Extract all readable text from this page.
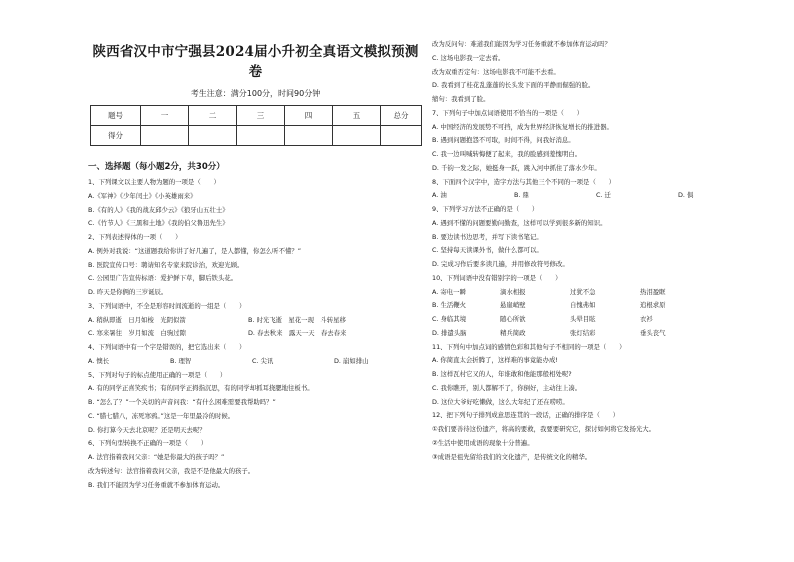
陕西省汉中市宁强县2024届小升初全真语文模拟预测卷
考生注意：满分100分，时间90分钟
题号	一	二	三	四	五	总分
得分						
一、选择题（每小题2分，共30分）
1、下列课文以主要人物为题的一项是（　　）
A.《军神》《少年闰土》《小英雄雨来》
B.《有的人》《我的战友邱少云》《狼牙山五壮士》
C.《竹节人》《三黑和土地》《我的伯父鲁迅先生》
2、下列表述得体的一项（　　）
A. 例外对我说：“这道题我给你讲了好几遍了，是人都懂，你怎么听不懂？”
B. 医院宣传口号：聘请知名专家来院诊治，欢迎光顾。
C. 公园里广告宣传标语：爱护鲜下草，脚后铁头花。
D. 昨天是你俩的三岁诞辰。
3、下列词语中，不全是形容时间流逝的一组是（　　）
A. 稍纵即逝　日月如梭　光阴似箭	B. 时光飞逝　星花一现　斗转星移
C. 寒来暑往　岁月如流　白驹过隙	D. 春去秋来　露天一天　春去春来
4、下列词语中有一个字是错误的，把它选出来（　　）
A. 懊长	B. 理智	C. 尖讯	D. 崩如排山
5、下列对句子的标点使用正确的一项是（　　）
A. 有的同学正喜笑疾书；有的同学正拇指沉思，有的同学却抓耳挠腮地往板书。
B. “怎么了？”一个关切的声音问我：“有什么困难需要我帮助吗？”
C. “腊七腊八，冻死寒鸦。”这是一年里最冷的时候。
D. 你打算今天去北京呢？还是明天去呢？
6、下列句型转换不正确的一项是（　　）
A. 法官指着我问父亲：“她是你最大的孩子吗？”
改为转述句：法官指着我问父亲，我是不是他最大的孩子。
B. 我们不能因为学习任务重就不参加体育运动。
改为反问句：难道我们能因为学习任务重就不参加体育运动吗？
C. 这场电影我一定去看。
改为双重否定句：这场电影我不可能不去看。
D. 我看到了桂花乱蓬蓬的长头发下面的平静而倔强的脸。
缩句：我看到了脸。
7、下列句子中加点词语使用不恰当的一项是（　　）
A. 中国经济的发展势不可挡，成为世界经济恢复增长的推进器。
B. 遇到问题抱怨不可取，时间不得，问我好消息。
C. 我一边叫喊转悔便了起来，我的脸感到羞愧明白。
D. 千钧一发之际，她挺身一跃，跳入河中抓住了落水少年。
8、下面四个汉字中，造字方法与其他三个不同的一项是（　　）
A. 油	B. 鼎	C. 迁	D. 俱
9、下列学习方法不正确的是（　　）
A. 遇到不懂的问题要勤问勤查，这样可以学到很多新的知识。
B. 要边读书边思考，并写下读书笔记。
C. 坚持每天读课外书，做什么都可以。
D. 完成习作后要多读几遍，并用修改符号修改。
10、下列词语中没有错别字的一项是（　　）
A. 寄电一瞬	滴水相报	过犹不急	热泪盈眶
B. 生活鞭火	悬崖峭壁	自愧弗如	追根求原
C. 身临其境	随心所欲	头晕目眩	衣衫
D. 排遣头脑	精兵简政	张灯结彩	垂头丧气
11、下列句中加点词的感情色彩和其他句子不相同的一项是（　　）
A. 你简直太会折腾了，这样难的事竟能办成!
B. 这样瓦村它又的人，年谁敢和他能那般相处呢?
C. 我你瞧开，别人都解不了，你倒好，主动往上凑。
D. 这位大爷好吃懒做，这么大年纪了还在唠唠。
12、把下列句子排列成意思连贯的一段话，正确的排序是（　　）
①我们要善待这份遗产，将高的要救，我要要研究它，探讨如何将它发扬光大。
②生活中使用成语的现象十分普遍。
③成语是祖先留给我们的文化遗产，是传统文化的精华。
